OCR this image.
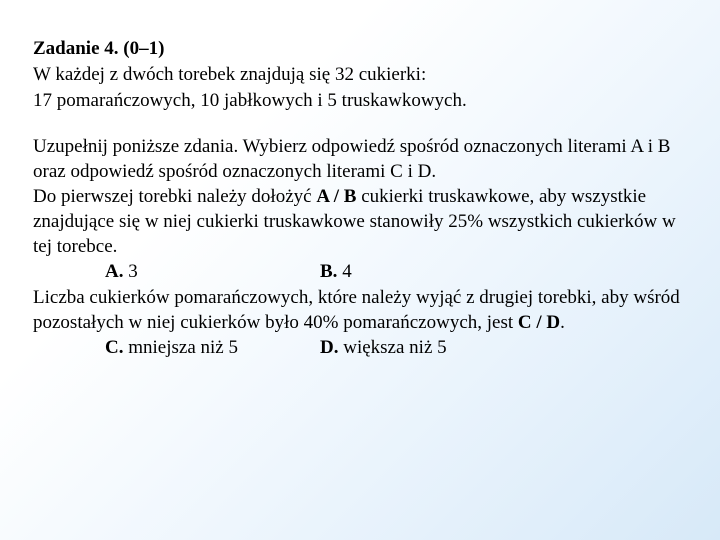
Zadanie 4. (0–1)
W każdej z dwóch torebek znajdują się 32 cukierki:
17 pomarańczowych, 10 jabłkowych i 5 truskawkowych.
Uzupełnij poniższe zdania. Wybierz odpowiedź spośród oznaczonych literami A i B oraz odpowiedź spośród oznaczonych literami C i D.
Do pierwszej torebki należy dołożyć A / B cukierki truskawkowe, aby wszystkie znajdujące się w niej cukierki truskawkowe stanowiły 25% wszystkich cukierków w tej torebce.
A. 3	B. 4
Liczba cukierków pomarańczowych, które należy wyjąć z drugiej torebki, aby wśród pozostałych w niej cukierków było 40% pomarańczowych, jest C / D.
C. mniejsza niż 5	D. większa niż 5
